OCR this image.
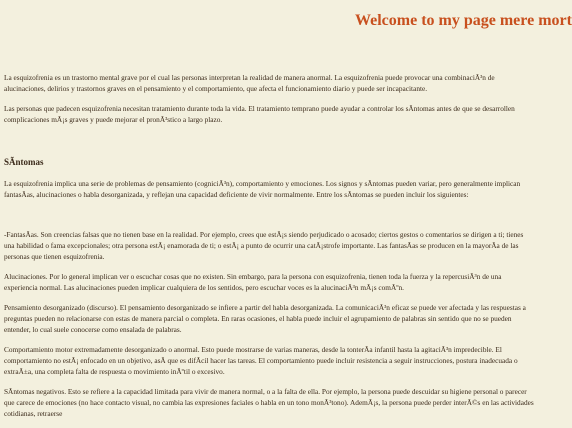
Welcome to my page mere mort

La esquizofrenia es un trastorno mental grave por el cual las personas interpretan la realidad de manera anormal. La esquizofrenia puede provocar una combinaciÃ³n de alucinaciones, delirios y trastornos graves en el pensamiento y el comportamiento, que afecta el funcionamiento diario y puede ser incapacitante.

Las personas que padecen esquizofrenia necesitan tratamiento durante toda la vida. El tratamiento temprano puede ayudar a controlar los sÃntomas antes de que se desarrollen complicaciones mÃ¡s graves y puede mejorar el pronÃ³stico a largo plazo.

SÃntomas

La esquizofrenia implica una serie de problemas de pensamiento (cogniciÃ³n), comportamiento y emociones. Los signos y sÃntomas pueden variar, pero generalmente implican fantasÃas, alucinaciones o habla desorganizada, y reflejan una capacidad deficiente de vivir normalmente. Entre los sÃntomas se pueden incluir los siguientes:

-FantasÃas. Son creencias falsas que no tienen base en la realidad. Por ejemplo, crees que estÃ¡s siendo perjudicado o acosado; ciertos gestos o comentarios se dirigen a ti; tienes una habilidad o fama excepcionales; otra persona estÃ¡ enamorada de ti; o estÃ¡ a punto de ocurrir una catÃ¡strofe importante. Las fantasÃas se producen en la mayorÃa de las personas que tienen esquizofrenia.

Alucinaciones. Por lo general implican ver o escuchar cosas que no existen. Sin embargo, para la persona con esquizofrenia, tienen toda la fuerza y la repercusiÃ³n de una experiencia normal. Las alucinaciones pueden implicar cualquiera de los sentidos, pero escuchar voces es la alucinaciÃ³n mÃ¡s comÃºn.

Pensamiento desorganizado (discurso). El pensamiento desorganizado se infiere a partir del habla desorganizada. La comunicaciÃ³n eficaz se puede ver afectada y las respuestas a preguntas pueden no relacionarse con estas de manera parcial o completa. En raras ocasiones, el habla puede incluir el agrupamiento de palabras sin sentido que no se pueden entender, lo cual suele conocerse como ensalada de palabras.

Comportamiento motor extremadamente desorganizado o anormal. Esto puede mostrarse de varias maneras, desde la tonterÃa infantil hasta la agitaciÃ³n impredecible. El comportamiento no estÃ¡ enfocado en un objetivo, asÃ que es difÃcil hacer las tareas. El comportamiento puede incluir resistencia a seguir instrucciones, postura inadecuada o extraÃ±a, una completa falta de respuesta o movimiento inÃºtil o excesivo.

SÃntomas negativos. Esto se refiere a la capacidad limitada para vivir de manera normal, o a la falta de ella. Por ejemplo, la persona puede descuidar su higiene personal o parecer que carece de emociones (no hace contacto visual, no cambia las expresiones faciales o habla en un tono monÃ³tono). AdemÃ¡s, la persona puede perder interÃ©s en las actividades cotidianas, retraerse
